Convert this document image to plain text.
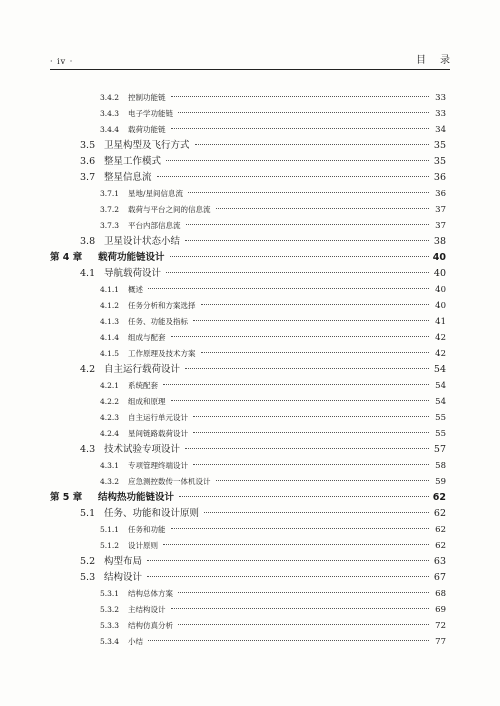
· iv ·	目录
3.4.2	控制功能链	33
3.4.3	电子学功能链	33
3.4.4	载荷功能链	34
3.5 卫星构型及飞行方式	35
3.6 整星工作模式	35
3.7 整星信息流	36
3.7.1	星地/星间信息流	36
3.7.2	载荷与平台之间的信息流	37
3.7.3	平台内部信息流	37
3.8 卫星设计状态小结	38
第 4 章	载荷功能链设计	40
4.1 导航载荷设计	40
4.1.1	概述	40
4.1.2	任务分析和方案选择	40
4.1.3	任务、功能及指标	41
4.1.4	组成与配套	42
4.1.5	工作原理及技术方案	42
4.2 自主运行载荷设计	54
4.2.1	系统配套	54
4.2.2	组成和原理	54
4.2.3	自主运行单元设计	55
4.2.4	星间链路载荷设计	55
4.3 技术试验专项设计	57
4.3.1	专项管理终端设计	58
4.3.2	应急测控数传一体机设计	59
第 5 章	结构热功能链设计	62
5.1 任务、功能和设计原则	62
5.1.1	任务和功能	62
5.1.2	设计原则	62
5.2 构型布局	63
5.3 结构设计	67
5.3.1	结构总体方案	68
5.3.2	主结构设计	69
5.3.3	结构仿真分析	72
5.3.4	小结	77
